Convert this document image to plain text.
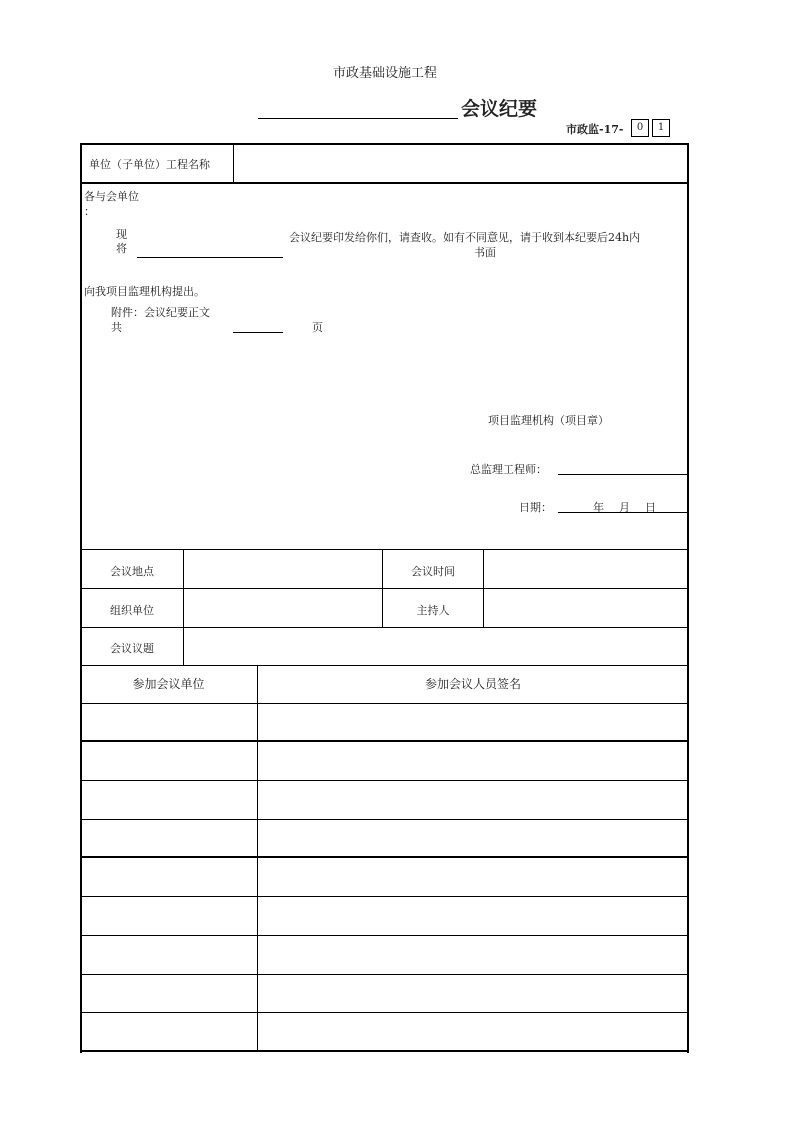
市政基础设施工程
会议纪要
市政监-17-	0	1
单位（子单位）工程名称
各与会单位
：
现
将
会议纪要印发给你们，请查收。如有不同意见，请于收到本纪要后24h内
书面
向我项目监理机构提出。
附件：会议纪要正文
共	页
项目监理机构（项目章）
总监理工程师：
日期：	年 月 日
会议地点	会议时间
组织单位	主持人
会议议题
参加会议单位	参加会议人员签名
